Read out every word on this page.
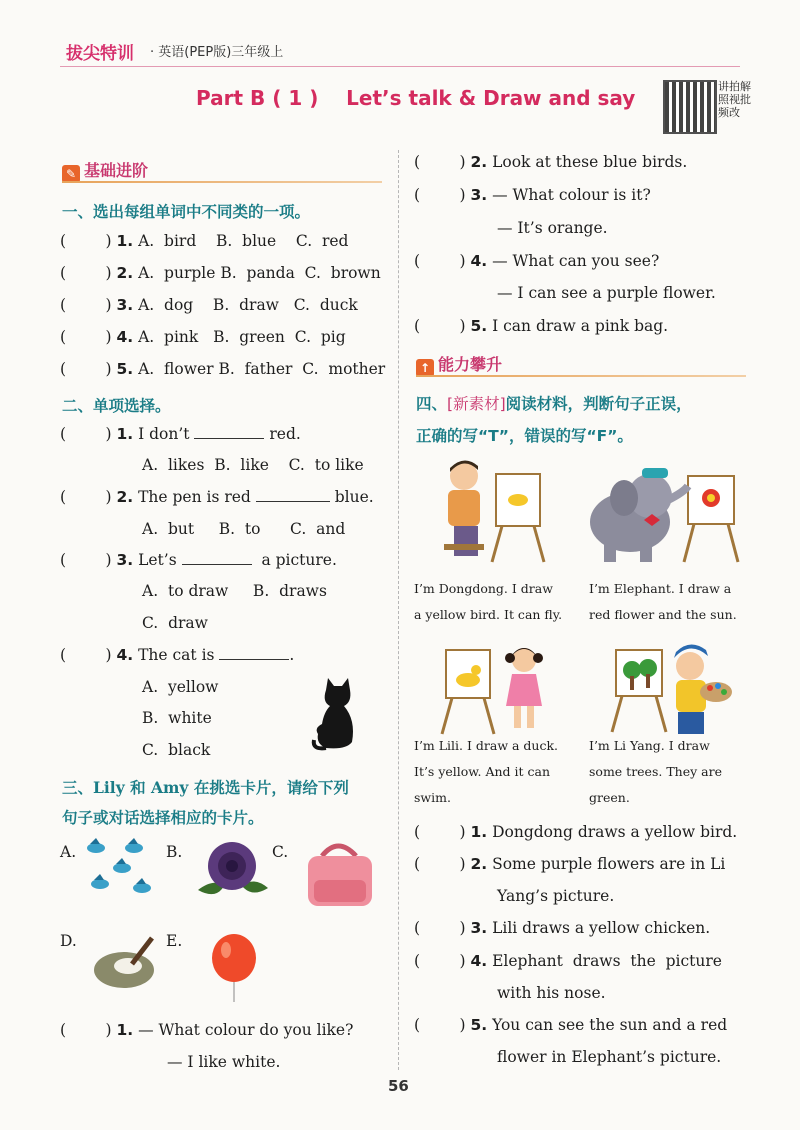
拔尖特训 · 英语(PEP版)三年级上
Part B ( 1 )    Let’s talk & Draw and say	讲拍解照视批频改
✎ 基础进阶
一、选出每组单词中不同类的一项。
(        ) 1. A.  bird    B.  blue    C.  red
(        ) 2. A.  purple B.  panda  C.  brown
(        ) 3. A.  dog    B.  draw   C.  duck
(        ) 4. A.  pink   B.  green  C.  pig
(        ) 5. A.  flower B.  father  C.  mother
二、单项选择。
(        ) 1. I don’t	red.
A.  likes  B.  like    C.  to like
(        ) 2. The pen is red	blue.
A.  but     B.  to      C.  and
(        ) 3. Let’s	a picture.
A.  to draw     B.  draws
C.  draw
(        ) 4. The cat is	.
A.  yellow
B.  white
C.  black
三、Lily 和 Amy 在挑选卡片，请给下列
句子或对话选择相应的卡片。
A.	B.	C.
D.	E.
(        ) 1. — What colour do you like?
— I like white.
(        ) 2. Look at these blue birds.
(        ) 3. — What colour is it?
— It’s orange.
(        ) 4. — What can you see?
— I can see a purple flower.
(        ) 5. I can draw a pink bag.
↑ 能力攀升
四、[新素材]阅读材料，判断句子正误，
正确的写“T”，错误的写“F”。
I’m Dongdong. I draw
a yellow bird. It can fly.
I’m Elephant. I draw a
red flower and the sun.
I’m Lili. I draw a duck.
It’s yellow. And it can
swim.
I’m Li Yang. I draw
some trees. They are
green.
(        ) 1. Dongdong draws a yellow bird.
(        ) 2. Some purple flowers are in Li
Yang’s picture.
(        ) 3. Lili draws a yellow chicken.
(        ) 4. Elephant  draws  the  picture
with his nose.
(        ) 5. You can see the sun and a red
flower in Elephant’s picture.
56
